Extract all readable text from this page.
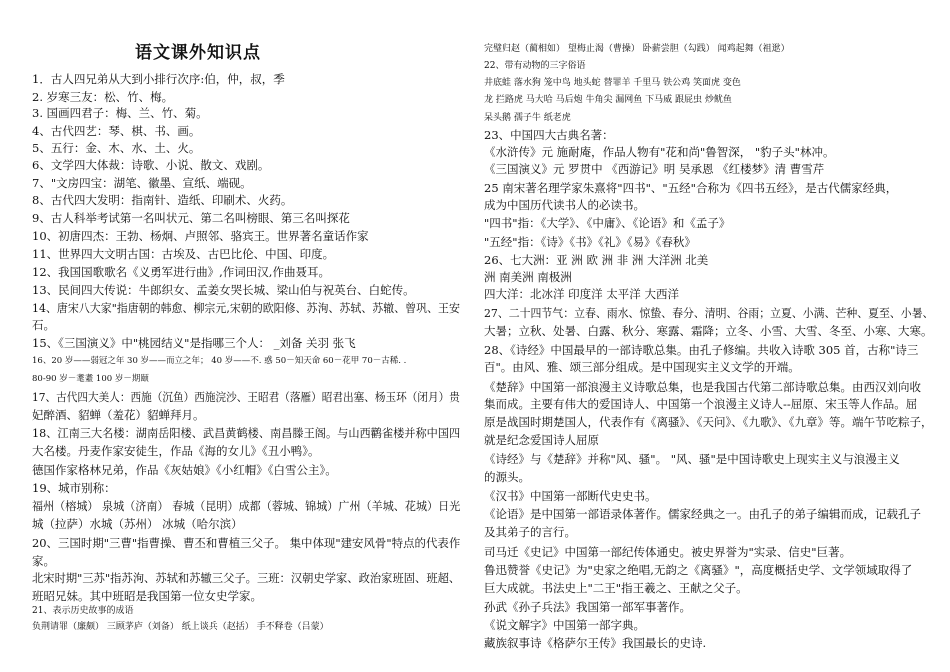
语文课外知识点
1．古人四兄弟从大到小排行次序:伯，仲，叔，季
2. 岁寒三友：松、竹、梅。
3. 国画四君子：梅、兰、竹、菊。
4、古代四艺：琴、棋、书、画。
5、五行：金、木、水、土、火。
6、文学四大体裁：诗歌、小说、散文、戏剧。
7、"文房四宝：湖笔、徽墨、宣纸、端砚。
8、古代四大发明：指南针、造纸、印刷术、火药。
9、古人科举考试第一名叫状元、第二名叫榜眼、第三名叫探花
10、初唐四杰：王勃、杨炯、卢照邻、骆宾王。世界著名童话作家
11、世界四大文明古国：古埃及、古巴比伦、中国、印度。
12、我国国歌歌名《义勇军进行曲》,作词田汉,作曲聂耳。
13、民间四大传说：牛郎织女、孟姜女哭长城、梁山伯与祝英台、白蛇传。
14、唐宋八大家"指唐朝的韩愈、柳宗元,宋朝的欧阳修、苏洵、苏轼、苏辙、曾巩、王安
石。
15、《三国演义》中"桃园结义"是指哪三个人： _刘备 关羽 张飞
16、20 岁——弱冠之年 30 岁——而立之年； 40 岁——不. 惑 50－知天命 60－花甲 70－古稀. .
80-90 岁－耄耋 100 岁－期颐
17、古代四大美人：西施（沉鱼）西施浣沙、王昭君（落雁）昭君出塞、杨玉环（闭月）贵
妃醉酒、貂蝉（羞花）貂蝉拜月。
18、江南三大名楼：湖南岳阳楼、武昌黄鹤楼、南昌滕王阁。与山西鹳雀楼并称中国四
大名楼。丹麦作家安徒生，作品《海的女儿》《丑小鸭》。
德国作家格林兄弟，作品《灰姑娘》《小红帽》《白雪公主》。
19、城市别称：
福州（榕城） 泉城（济南） 春城（昆明）成都（蓉城、锦城）广州（羊城、花城）日光
城（拉萨）水城（苏州） 冰城（哈尔滨）
20、三国时期"三曹"指曹操、曹丕和曹植三父子。 集中体现"建安风骨"特点的代表作
家。
北宋时期"三苏"指苏洵、苏轼和苏辙三父子。三班：汉朝史学家、政治家班固、班超、
班昭兄妹。其中班昭是我国第一位女史学家。
21、表示历史故事的成语
负荆请罪（廉颇） 三顾茅庐（刘备） 纸上谈兵（赵括） 手不释卷（吕蒙）
完璧归赵（蔺相如） 望梅止渴（曹操） 卧薪尝胆（勾践） 闻鸡起舞（祖逖）
22、带有动物的三字俗语
井底蛙 落水狗 笼中鸟 地头蛇 替罪羊 千里马 铁公鸡 笑面虎 变色
龙 拦路虎 马大哈 马后炮 牛角尖 漏网鱼 下马威 跟屁虫 炒鱿鱼
呆头鹅 孺子牛 纸老虎
23、中国四大古典名著：
《水浒传》元 施耐庵，作品人物有"花和尚"鲁智深， "豹子头"林冲。
《三国演义》元 罗贯中 《西游记》明 吴承恩 《红楼梦》清 曹雪芹
25 南宋著名理学家朱熹将"四书"、"五经"合称为《四书五经》，是古代儒家经典，
成为中国历代读书人的必读书。
"四书"指：《大学》、《中庸》、《论语》和《孟子》
"五经"指：《诗》《书》《礼》《易》《春秋》
26、七大洲：亚 洲 欧 洲 非 洲 大洋洲 北美
洲 南美洲 南极洲
四大洋：北冰洋 印度洋 太平洋 大西洋
27、二十四节气：立春、雨水、惊蛰、春分、清明、谷雨；立夏、小满、芒种、夏至、小暑、
大暑；立秋、处暑、白露、秋分、寒露、霜降；立冬、小雪、大雪、冬至、小寒、大寒。
28、《诗经》中国最早的一部诗歌总集。由孔子修编。共收入诗歌 305 首，古称"诗三
百"。由风、雅、颂三部分组成。是中国现实主义文学的开端。
《楚辞》中国第一部浪漫主义诗歌总集，也是我国古代第二部诗歌总集。由西汉刘向收
集而成。主要有伟大的爱国诗人、中国第一个浪漫主义诗人--屈原、宋玉等人作品。屈
原是战国时期楚国人，代表作有《离骚》、《天问》、《九歌》、《九章》等。端午节吃粽子，
就是纪念爱国诗人屈原
《诗经》与《楚辞》并称"风、骚"。 "风、骚"是中国诗歌史上现实主义与浪漫主义
的源头。
《汉书》中国第一部断代史史书。
《论语》是中国第一部语录体著作。儒家经典之一。由孔子的弟子编辑而成，记载孔子
及其弟子的言行。
司马迁《史记》中国第一部纪传体通史。被史界誉为"实录、信史"巨著。
鲁迅赞誉《史记》为"史家之绝唱,无韵之《离骚》"，高度概括史学、文学领域取得了
巨大成就。书法史上"二王"指王羲之、王献之父子。
孙武《孙子兵法》我国第一部军事著作。
《说文解字》中国第一部字典。
藏族叙事诗《格萨尔王传》我国最长的史诗.
